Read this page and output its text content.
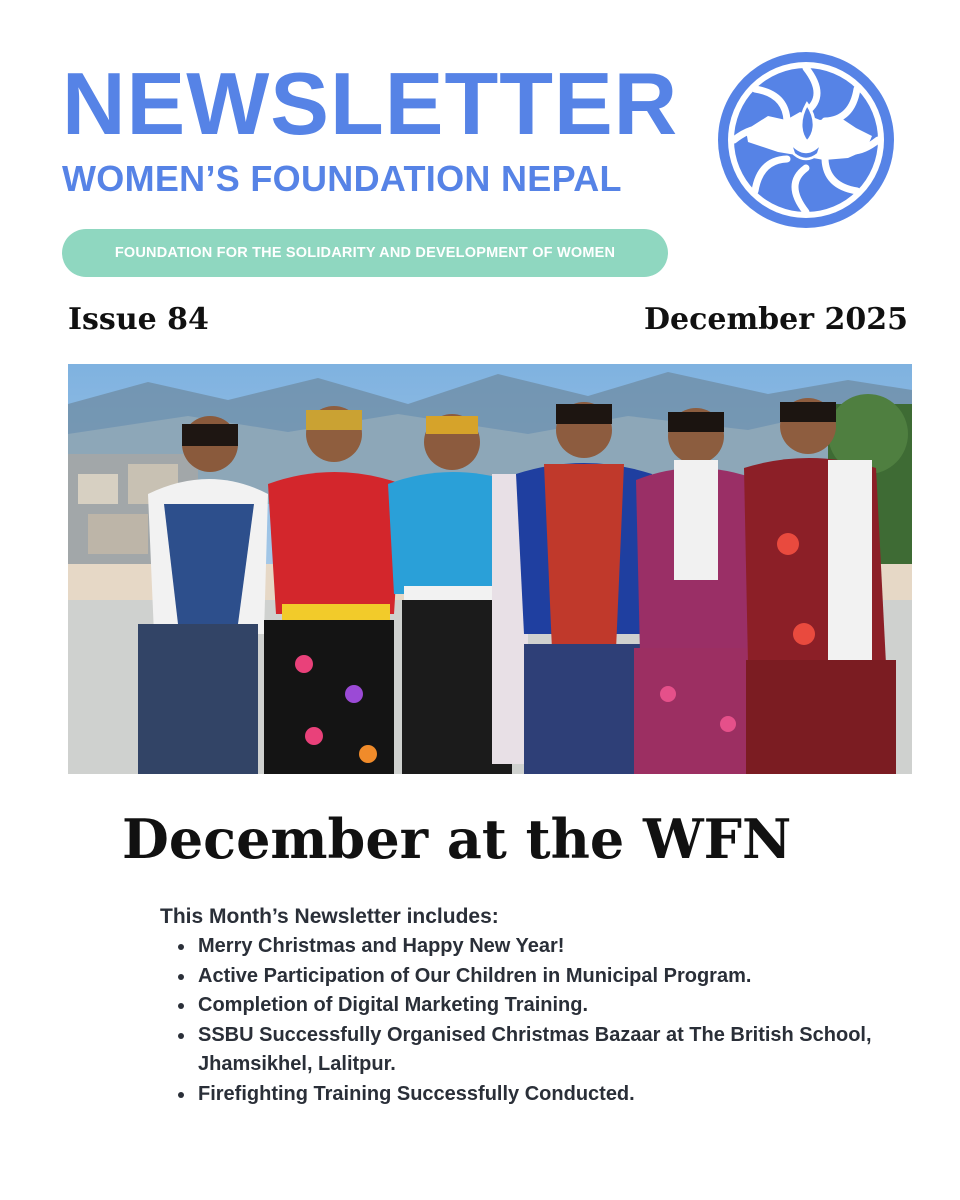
NEWSLETTER
WOMEN’S FOUNDATION NEPAL
FOUNDATION FOR THE SOLIDARITY AND DEVELOPMENT OF WOMEN
Issue 84	December 2025
December at the WFN

This Month’s Newsletter includes:

Merry Christmas and Happy New Year!
Active Participation of Our Children in Municipal Program.
Completion of Digital Marketing Training.
SSBU Successfully Organised Christmas Bazaar at The British School, Jhamsikhel, Lalitpur.
Firefighting Training Successfully Conducted.
